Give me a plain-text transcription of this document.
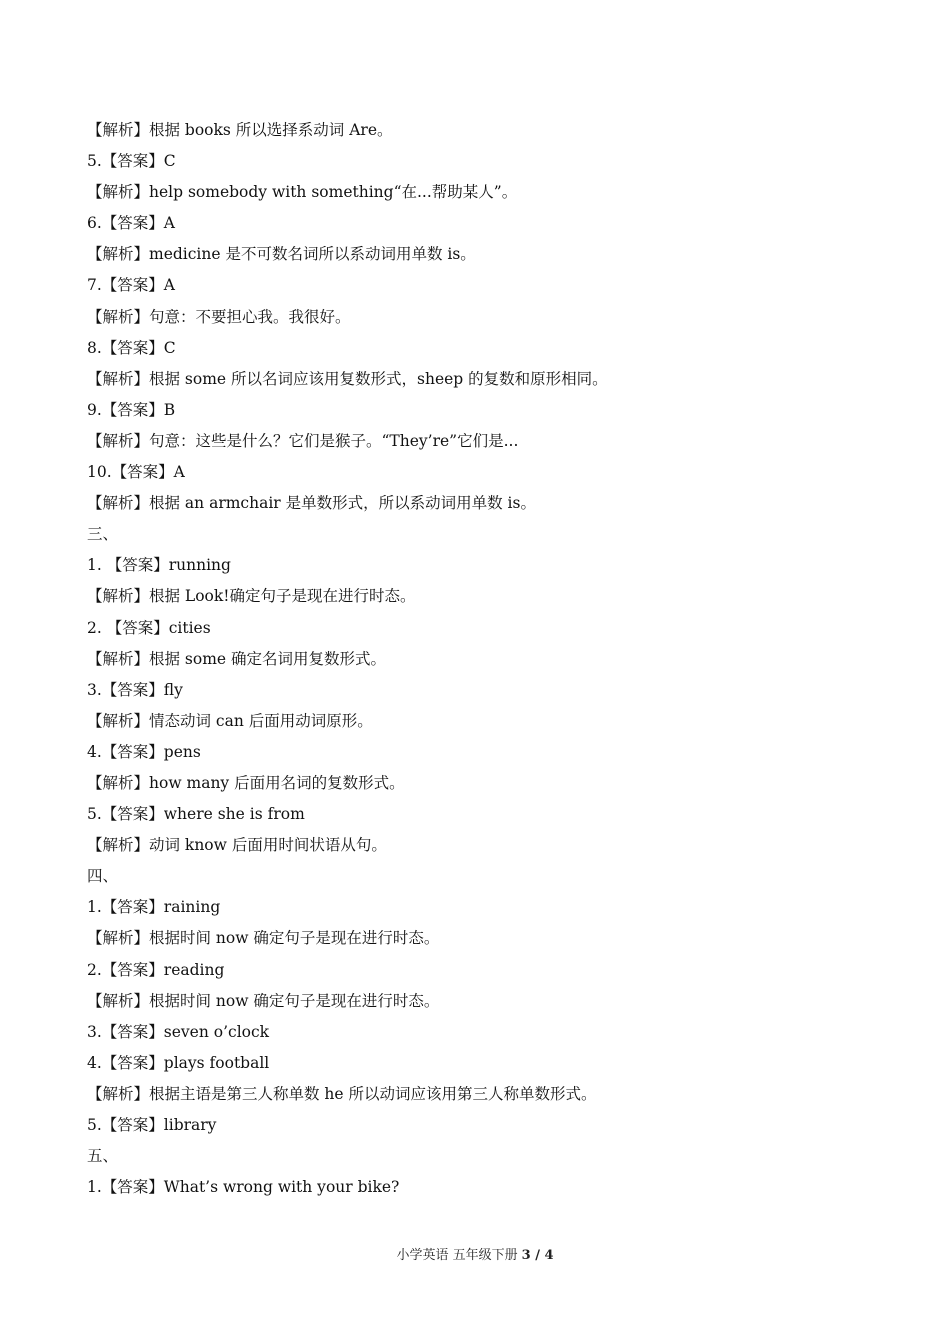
【解析】根据 books 所以选择系动词 Are。
5.【答案】C
【解析】help somebody with something“在...帮助某人”。
6.【答案】A
【解析】medicine 是不可数名词所以系动词用单数 is。
7.【答案】A
【解析】句意：不要担心我。我很好。
8.【答案】C
【解析】根据 some 所以名词应该用复数形式，sheep 的复数和原形相同。
9.【答案】B
【解析】句意：这些是什么？它们是猴子。“They’re”它们是...
10.【答案】A
【解析】根据 an armchair 是单数形式，所以系动词用单数 is。
三、
1. 【答案】running
【解析】根据 Look!确定句子是现在进行时态。
2. 【答案】cities
【解析】根据 some 确定名词用复数形式。
3.【答案】fly
【解析】情态动词 can 后面用动词原形。
4.【答案】pens
【解析】how many 后面用名词的复数形式。
5.【答案】where she is from
【解析】动词 know 后面用时间状语从句。
四、
1.【答案】raining
【解析】根据时间 now 确定句子是现在进行时态。
2.【答案】reading
【解析】根据时间 now 确定句子是现在进行时态。
3.【答案】seven o’clock
4.【答案】plays football
【解析】根据主语是第三人称单数 he 所以动词应该用第三人称单数形式。
5.【答案】library
五、
1.【答案】What’s wrong with your bike?
小学英语 五年级下册 3 / 4
